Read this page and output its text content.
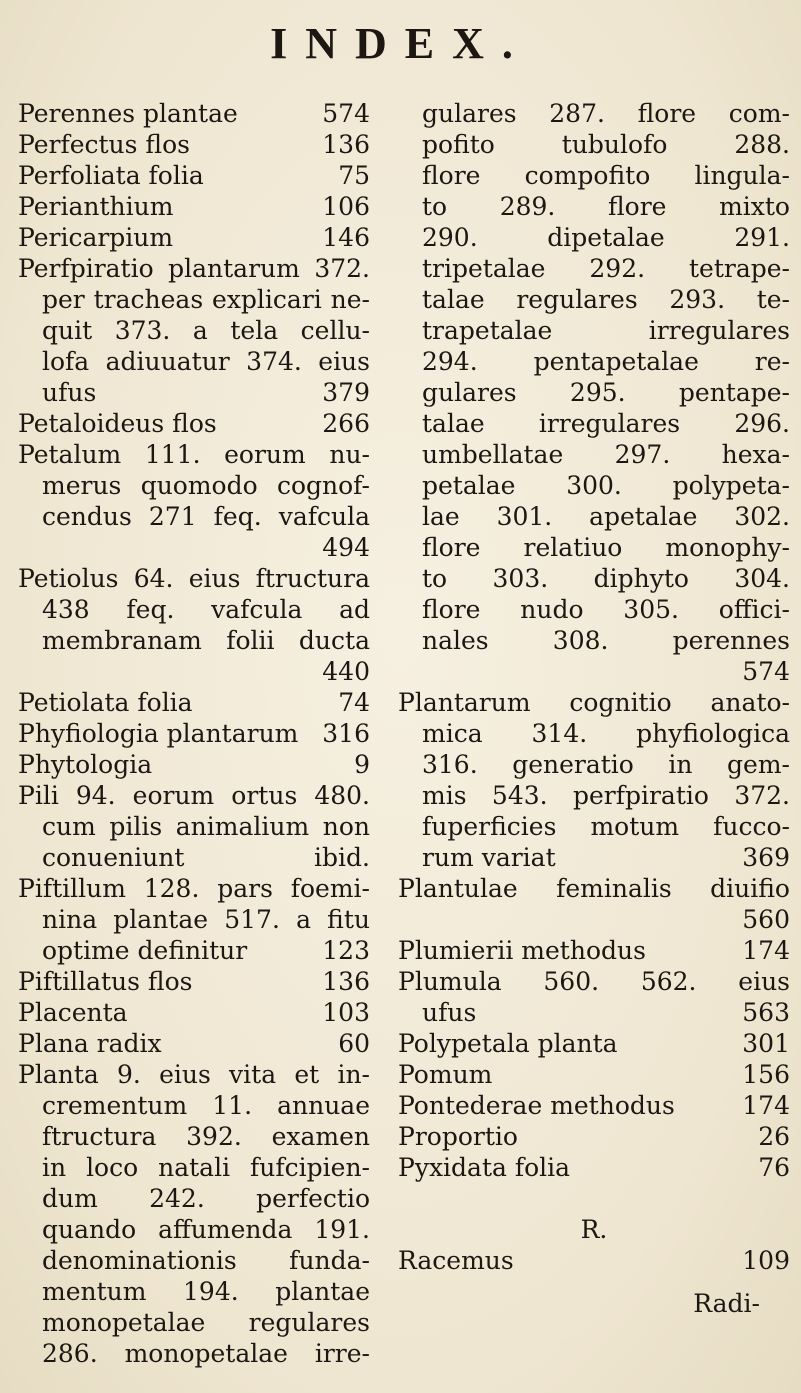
INDEX.
Perennes plantae	574
Perfectus flos	136
Perfoliata folia	75
Perianthium	106
Pericarpium	146
Perfpiratio plantarum 372.
per tracheas explicari ne-
quit 373. a tela cellu-
lofa adiuuatur 374. eius
ufus	379
Petaloideus flos	266
Petalum 111. eorum nu-
merus quomodo cognof-
cendus 271 feq. vafcula
494
Petiolus 64. eius ftructura
438 feq. vafcula ad
membranam folii ducta
440
Petiolata folia	74
Phyfiologia plantarum 316
Phytologia	9
Pili 94. eorum ortus 480.
cum pilis animalium non
conueniunt	ibid.
Piftillum 128. pars foemi-
nina plantae 517. a fitu
optime definitur	123
Piftillatus flos	136
Placenta	103
Plana radix	60
Planta 9. eius vita et in-
crementum 11. annuae
ftructura 392. examen
in loco natali fufcipien-
dum 242. perfectio
quando affumenda 191.
denominationis funda-
mentum 194. plantae
monopetalae regulares
286. monopetalae irre-
gulares 287. flore com-
pofito tubulofo 288.
flore compofito lingula-
to 289. flore mixto
290. dipetalae 291.
tripetalae 292. tetrape-
talae regulares 293. te-
trapetalae irregulares
294. pentapetalae re-
gulares 295. pentape-
talae irregulares 296.
umbellatae 297. hexa-
petalae 300. polypeta-
lae 301. apetalae 302.
flore relatiuo monophy-
to 303. diphyto 304.
flore nudo 305. offici-
nales 308. perennes
574
Plantarum cognitio anato-
mica 314. phyfiologica
316. generatio in gem-
mis 543. perfpiratio 372.
fuperficies motum fucco-
rum variat	369
Plantulae feminalis diuifio
560
Plumierii methodus	174
Plumula 560. 562. eius
ufus	563
Polypetala planta	301
Pomum	156
Pontederae methodus	174
Proportio	26
Pyxidata folia	76
R.
Racemus	109
Radi-
